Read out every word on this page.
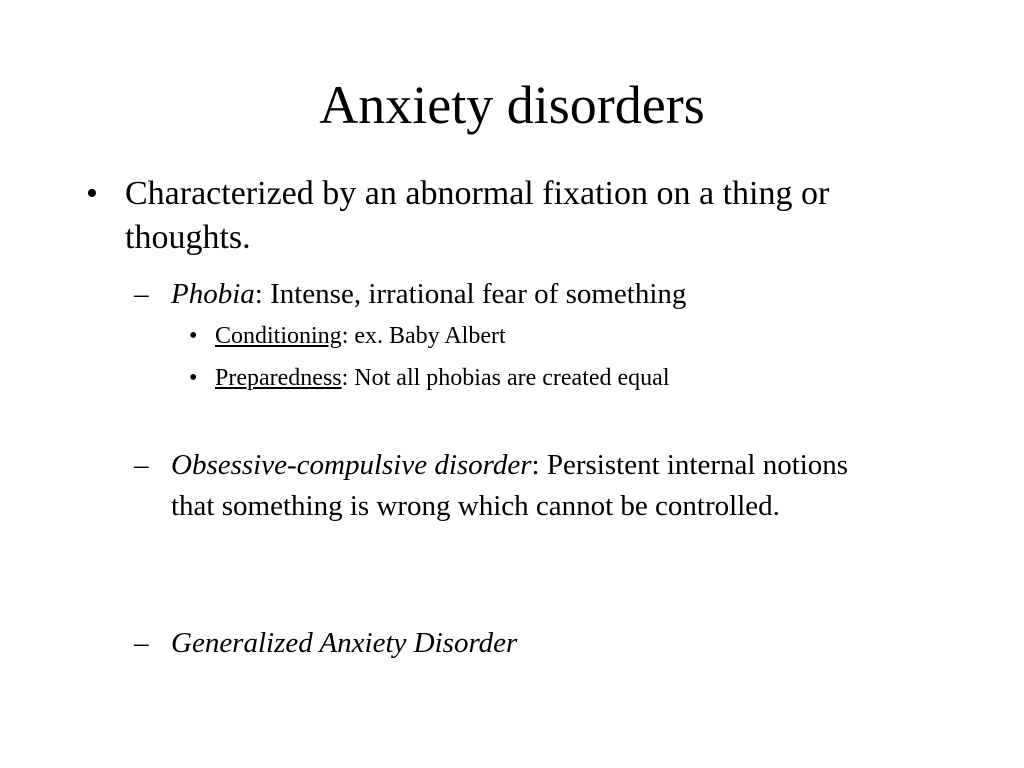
Anxiety disorders
• Characterized by an abnormal fixation on a thing or thoughts.
– Phobia: Intense, irrational fear of something
• Conditioning: ex. Baby Albert
• Preparedness: Not all phobias are created equal
– Obsessive-compulsive disorder: Persistent internal notions that something is wrong which cannot be controlled.
– Generalized Anxiety Disorder
